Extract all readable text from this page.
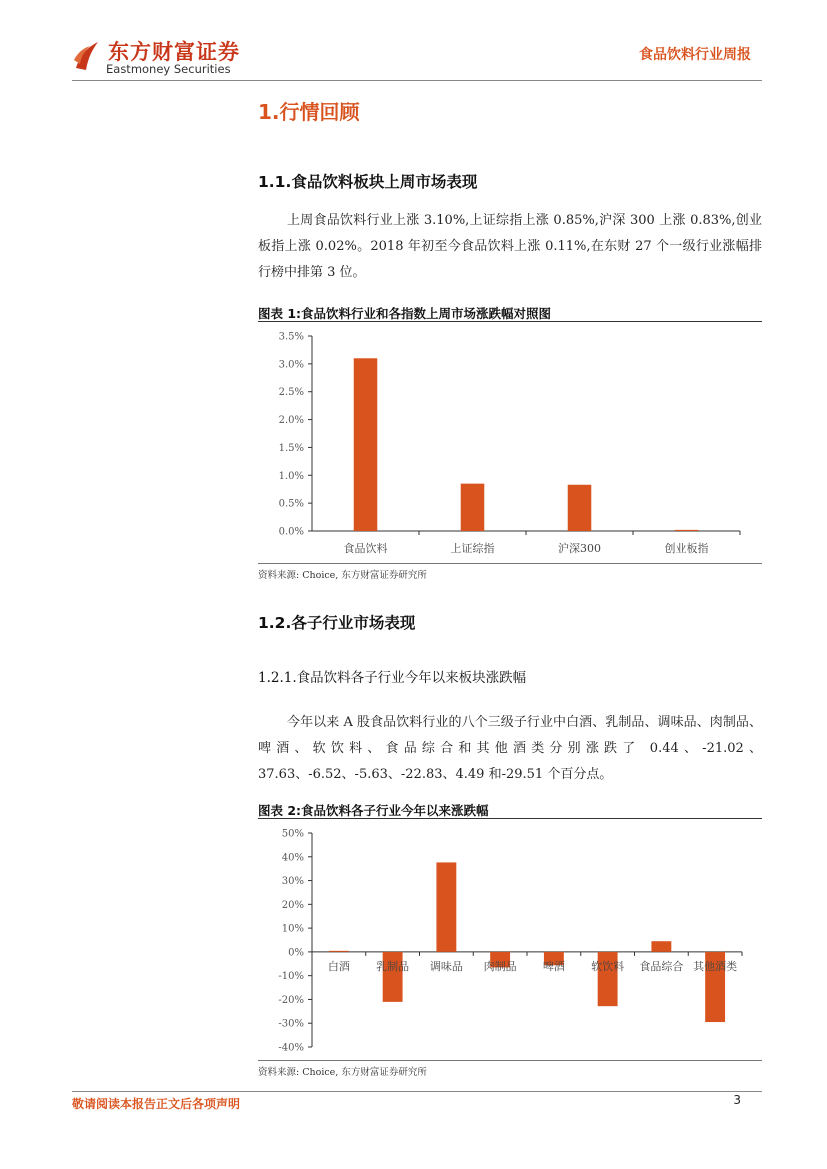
东方财富证券
Eastmoney Securities
食品饮料行业周报
1.行情回顾
1.1.食品饮料板块上周市场表现
上周食品饮料行业上涨 3.10%,上证综指上涨 0.85%,沪深 300 上涨 0.83%,创业板指上涨 0.02%。2018 年初至今食品饮料上涨 0.11%,在东财 27 个一级行业涨幅排行榜中排第 3 位。
图表 1:食品饮料行业和各指数上周市场涨跌幅对照图
0.0%
0.5%
1.0%
1.5%
2.0%
2.5%
3.0%
3.5%
食品饮料	上证综指	沪深300	创业板指
资料来源: Choice, 东方财富证券研究所
1.2.各子行业市场表现
1.2.1.食品饮料各子行业今年以来板块涨跌幅
今年以来 A 股食品饮料行业的八个三级子行业中白酒、乳制品、调味品、肉制品、啤酒、软饮料、食品综合和其他酒类分别涨跌了 0.44、-21.02、37.63、-6.52、-5.63、-22.83、4.49 和-29.51 个百分点。
图表 2:食品饮料各子行业今年以来涨跌幅
-40%
-30%
-20%
-10%
0%
10%
20%
30%
40%
50%
白酒 乳制品 调味品 肉制品 啤酒 软饮料 食品综合 其他酒类
资料来源: Choice, 东方财富证券研究所
敬请阅读本报告正文后各项声明	3
